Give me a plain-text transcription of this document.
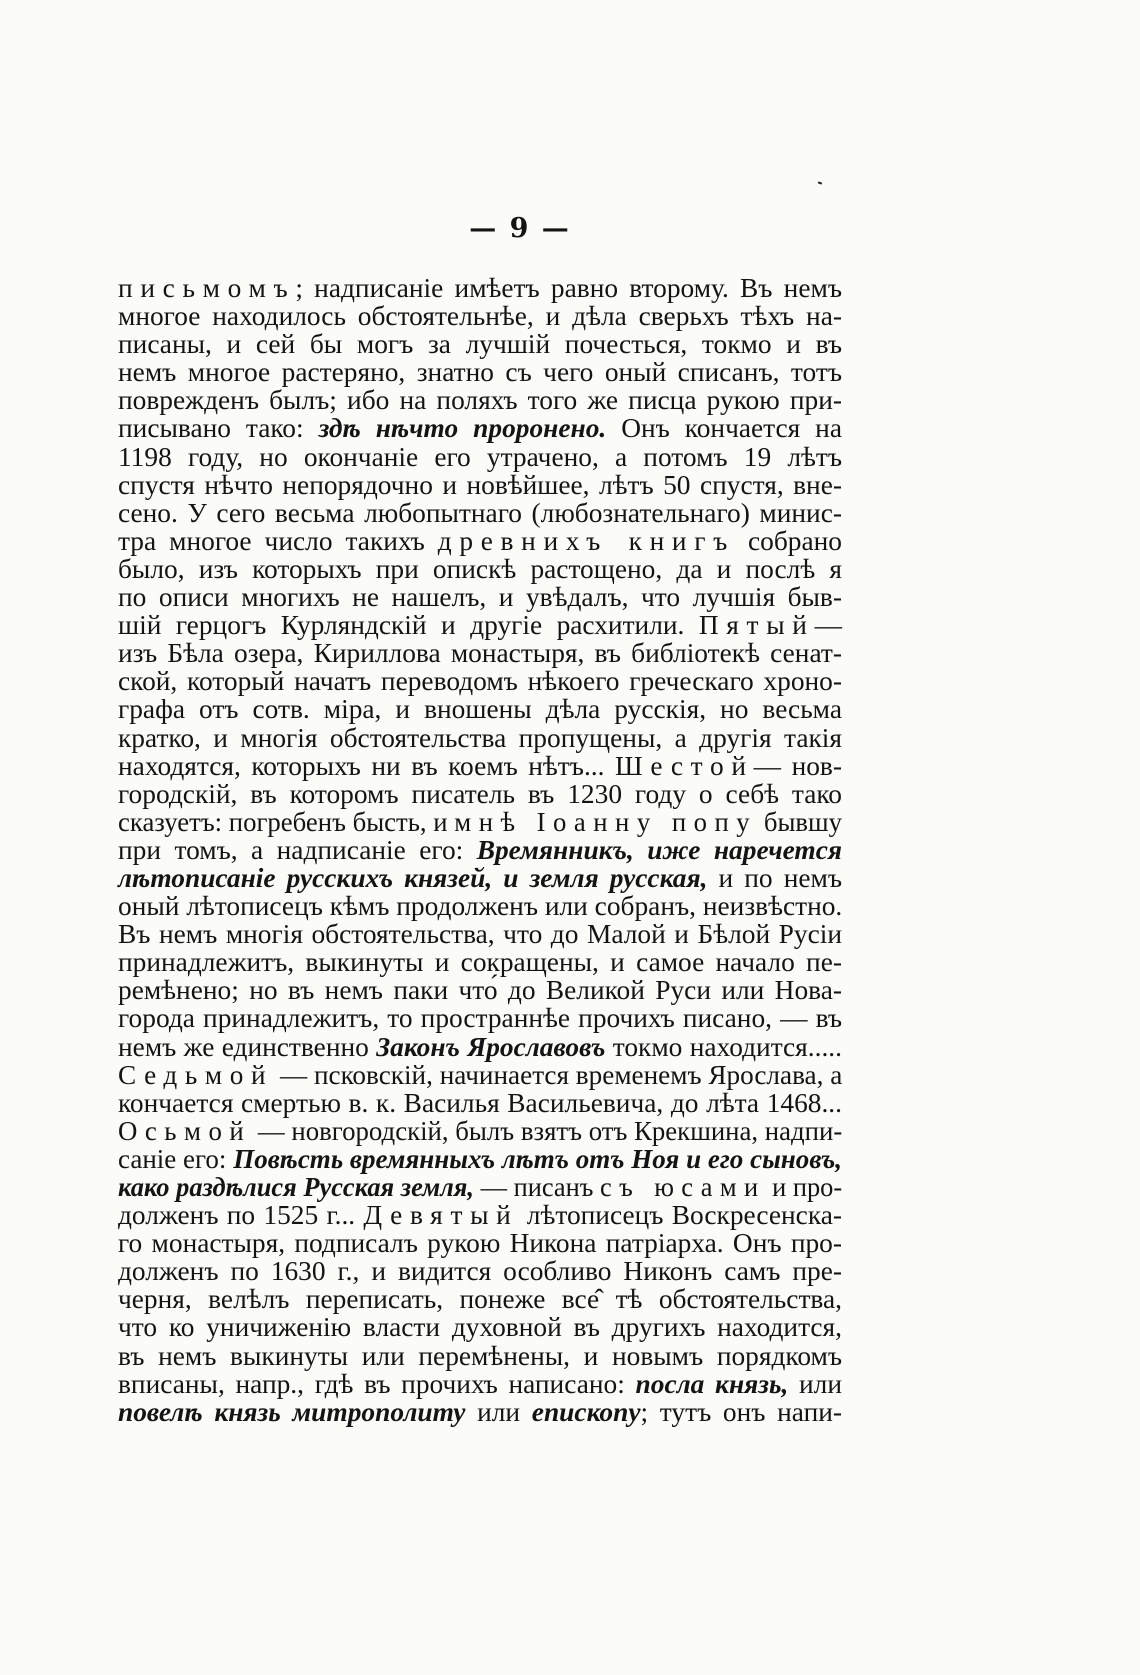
— 9 —
письмомъ; надписаніе имѣетъ равно второму. Въ немъ
многое находилось обстоятельнѣе, и дѣла сверьхъ тѣхъ на-
писаны, и сей бы могъ за лучшій почесться, токмо и въ
немъ многое растеряно, знатно съ чего оный списанъ, тотъ
поврежденъ былъ; ибо на поляхъ того же писца рукою при-
писывано тако: здѣ нѣчто проронено. Онъ кончается на
1198 году, но окончаніе его утрачено, а потомъ 19 лѣтъ
спустя нѣчто непорядочно и новѣйшее, лѣтъ 50 спустя, вне-
сено. У сего весьма любопытнаго (любознательнаго) минис-
тра многое число такихъ древнихъ книгъ собрано
было, изъ которыхъ при опискѣ растощено, да и послѣ я
по описи многихъ не нашелъ, и увѣдалъ, что лучшія быв-
шій герцогъ Курляндскій и другіе расхитили. Пятый—
изъ Бѣла озера, Кириллова монастыря, въ библіотекѣ сенат-
ской, который начатъ переводомъ нѣкоего греческаго хроно-
графа отъ сотв. міра, и вношены дѣла русскія, но весьма
кратко, и многія обстоятельства пропущены, а другія такія
находятся, которыхъ ни въ коемъ нѣтъ... Шестой— нов-
городскій, въ которомъ писатель въ 1230 году о себѣ тако
сказуетъ: погребенъ бысть, и мнѣ Іоанну попу бывшу
при томъ, а надписаніе его: Времянникъ, иже наречется
лѣтописаніе русскихъ князей, и земля русская, и по немъ
оный лѣтописецъ кѣмъ продолженъ или собранъ, неизвѣстно.
Въ немъ многія обстоятельства, что до Малой и Бѣлой Русіи
принадлежитъ, выкинуты и сокращены, и самое начало пе-
ремѣнено; но въ немъ паки что́ до Великой Руси или Нова-
города принадлежитъ, то пространнѣе прочихъ писано, — въ
немъ же единственно Законъ Ярославовъ токмо находится.....
Седьмой — псковскій, начинается временемъ Ярослава, а
кончается смертью в. к. Василья Васильевича, до лѣта 1468...
Осьмой — новгородскій, былъ взятъ отъ Крекшина, надпи-
саніе его: Повѣсть времянныхъ лѣтъ отъ Ноя и его сыновъ,
како раздѣлися Русская земля, — писанъ съ юсами и про-
долженъ по 1525 г... Девятый лѣтописецъ Воскресенска-
го монастыря, подписалъ рукою Никона патріарха. Онъ про-
долженъ по 1630 г., и видится особливо Никонъ самъ пре-
черня, велѣлъ переписать, понеже все̂ тѣ обстоятельства,
что ко уничиженію власти духовной въ другихъ находится,
въ немъ выкинуты или перемѣнены, и новымъ порядкомъ
вписаны, напр., гдѣ въ прочихъ написано: посла князь, или
повелѣ князь митрополиту или епископу; тутъ онъ напи-
